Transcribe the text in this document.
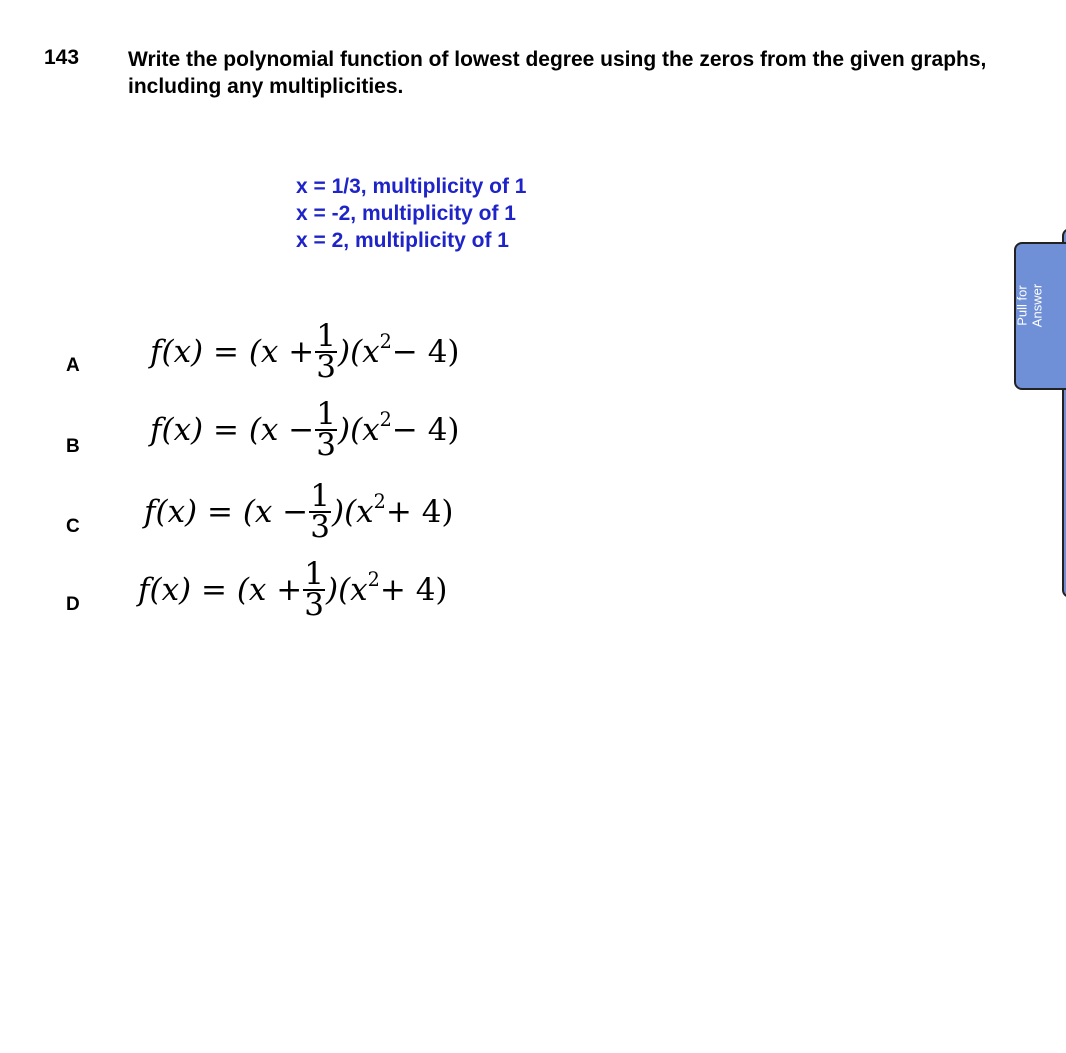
143 Write the polynomial function of lowest degree using the zeros from the given graphs, including any multiplicities.
x = 1/3, multiplicity of 1
x = -2, multiplicity of 1
x = 2, multiplicity of 1
A $f(x) = (x + \frac{1}{3} )(x$ 2 − 4)
B $f(x) = (x - \frac{1}{3} )(x$ 2 − 4)
C $f(x) = (x - \frac{1}{3} )(x$ 2 + 4)
D $f(x) = (x + \frac{1}{3} )(x$ 2 + 4)
Pull for Answer
